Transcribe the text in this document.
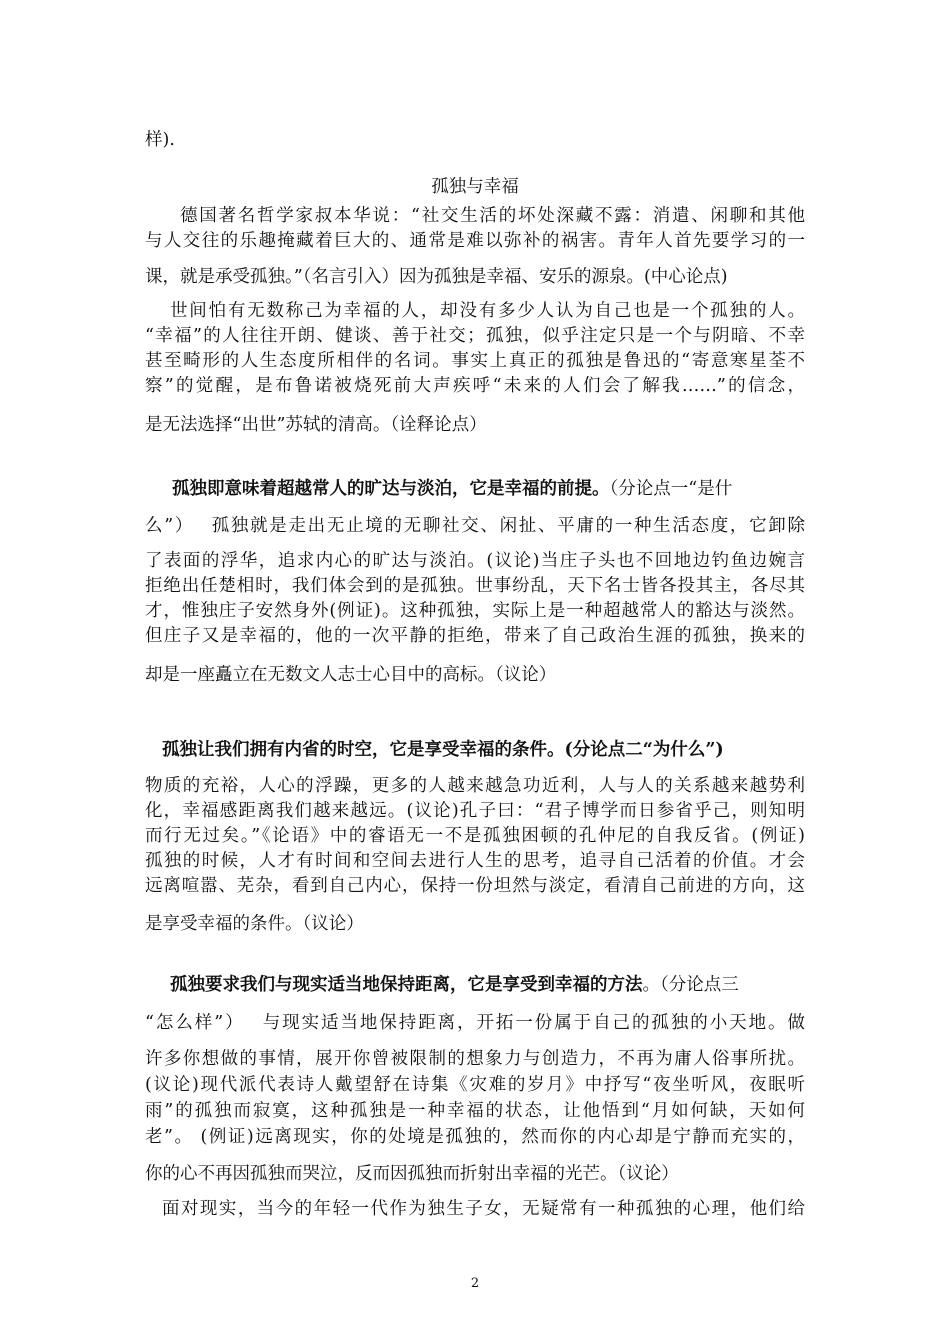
样).
孤独与幸福
德国著名哲学家叔本华说：“社交生活的坏处深藏不露：消遣、闲聊和其他
与人交往的乐趣掩藏着巨大的、通常是难以弥补的祸害。青年人首先要学习的一
课，就是承受孤独。”（名言引入）因为孤独是幸福、安乐的源泉。(中心论点)
世间怕有无数称己为幸福的人，却没有多少人认为自己也是一个孤独的人。
“幸福”的人往往开朗、健谈、善于社交；孤独，似乎注定只是一个与阴暗、不幸
甚至畸形的人生态度所相伴的名词。事实上真正的孤独是鲁迅的“寄意寒星荃不
察”的觉醒，是布鲁诺被烧死前大声疾呼“未来的人们会了解我……”的信念，
是无法选择“出世”苏轼的清高。（诠释论点）
孤独即意味着超越常人的旷达与淡泊，它是幸福的前提。（分论点一“是什
么”）　 孤独就是走出无止境的无聊社交、闲扯、平庸的一种生活态度，它卸除
了表面的浮华，追求内心的旷达与淡泊。(议论)当庄子头也不回地边钓鱼边婉言
拒绝出任楚相时，我们体会到的是孤独。世事纷乱，天下名士皆各投其主，各尽其
才，惟独庄子安然身外(例证)。这种孤独，实际上是一种超越常人的豁达与淡然。
但庄子又是幸福的，他的一次平静的拒绝，带来了自己政治生涯的孤独，换来的
却是一座矗立在无数文人志士心目中的高标。（议论）
孤独让我们拥有内省的时空，它是享受幸福的条件。(分论点二“为什么”)
物质的充裕，人心的浮躁，更多的人越来越急功近利，人与人的关系越来越势利
化，幸福感距离我们越来越远。(议论)孔子曰：“君子博学而日参省乎己，则知明
而行无过矣。”《论语》中的睿语无一不是孤独困顿的孔仲尼的自我反省。(例证)
孤独的时候，人才有时间和空间去进行人生的思考，追寻自己活着的价值。才会
远离喧嚣、芜杂，看到自己内心，保持一份坦然与淡定，看清自己前进的方向，这
是享受幸福的条件。（议论）
孤独要求我们与现实适当地保持距离，它是享受到幸福的方法。（分论点三
“怎么样”）　 与现实适当地保持距离，开拓一份属于自己的孤独的小天地。做
许多你想做的事情，展开你曾被限制的想象力与创造力，不再为庸人俗事所扰。
(议论)现代派代表诗人戴望舒在诗集《灾难的岁月》中抒写“夜坐听风，夜眠听
雨”的孤独而寂寞，这种孤独是一种幸福的状态，让他悟到“月如何缺，天如何
老”。 (例证)远离现实，你的处境是孤独的，然而你的内心却是宁静而充实的，
你的心不再因孤独而哭泣，反而因孤独而折射出幸福的光芒。（议论）
面对现实，当今的年轻一代作为独生子女，无疑常有一种孤独的心理，他们给
2
